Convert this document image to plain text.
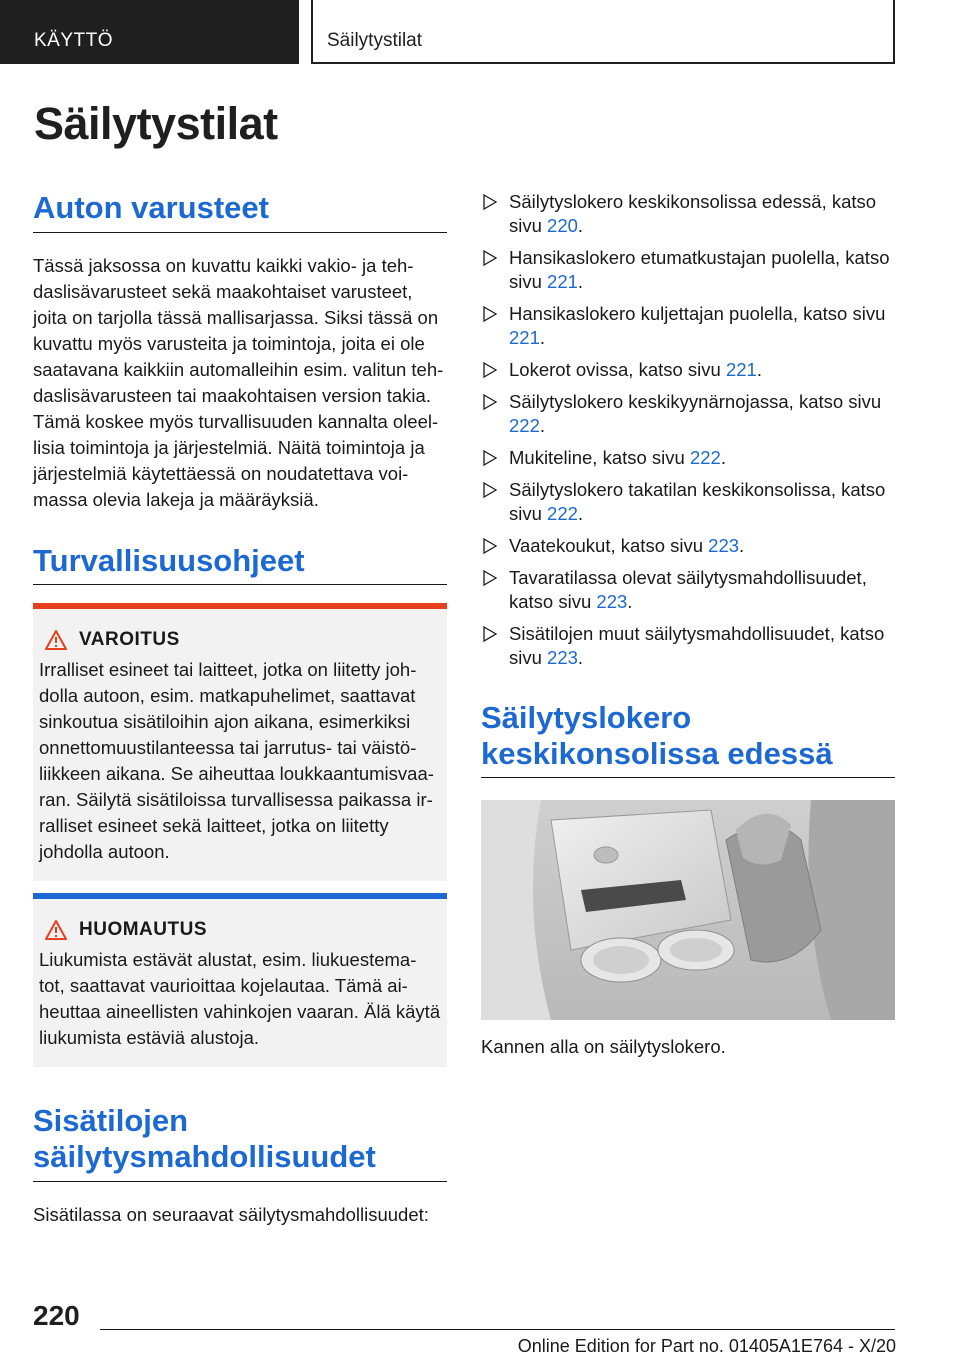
KÄYTTÖ	Säilytystilat
Säilytystilat
Auton varusteet

Tässä jaksossa on kuvattu kaikki vakio- ja teh-daslisävarusteet sekä maakohtaiset varusteet, joita on tarjolla tässä mallisarjassa. Siksi tässä on kuvattu myös varusteita ja toimintoja, joita ei ole saatavana kaikkiin automalleihin esim. valitun teh-daslisävarusteen tai maakohtaisen version takia. Tämä koskee myös turvallisuuden kannalta oleel-lisia toimintoja ja järjestelmiä. Näitä toimintoja ja järjestelmiä käytettäessä on noudatettava voi-massa olevia lakeja ja määräyksiä.

Turvallisuusohjeet
VAROITUS

Irralliset esineet tai laitteet, jotka on liitetty joh-dolla autoon, esim. matkapuhelimet, saattavat sinkoutua sisätiloihin ajon aikana, esimerkiksi onnettomuustilanteessa tai jarrutus- tai väistö-liikkeen aikana. Se aiheuttaa loukkaantumisvaa-ran. Säilytä sisätiloissa turvallisessa paikassa ir-ralliset esineet sekä laitteet, jotka on liitetty johdolla autoon.

HUOMAUTUS

Liukumista estävät alustat, esim. liukuestema-tot, saattavat vaurioittaa kojelautaa. Tämä ai-heuttaa aineellisten vahinkojen vaaran. Älä käytä liukumista estäviä alustoja.

Sisätilojen säilytysmahdollisuudet

Sisätilassa on seuraavat säilytysmahdollisuudet:

Säilytyslokero keskikonsolissa edessä, katso sivu 220.
Hansikaslokero etumatkustajan puolella, katso sivu 221.
Hansikaslokero kuljettajan puolella, katso sivu 221.
Lokerot ovissa, katso sivu 221.
Säilytyslokero keskikyynärnojassa, katso sivu 222.
Mukiteline, katso sivu 222.
Säilytyslokero takatilan keskikonsolissa, katso sivu 222.
Vaatekoukut, katso sivu 223.
Tavaratilassa olevat säilytysmahdollisuudet, katso sivu 223.
Sisätilojen muut säilytysmahdollisuudet, katso sivu 223.
Säilytyslokero keskikonsolissa edessä

Kannen alla on säilytyslokero.

220
Online Edition for Part no. 01405A1E764 - X/20
